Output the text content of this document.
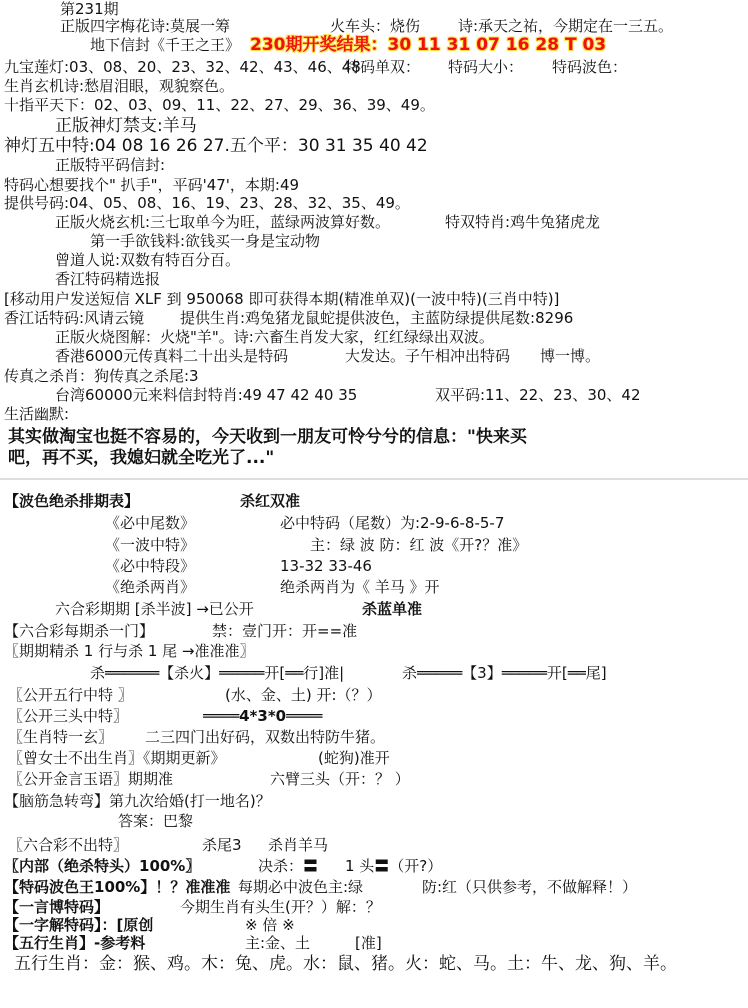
第231期
正版四字梅花诗:莫展一筹	火车头：烧伤	诗:承天之祐，今期定在一三五。
地下信封《千王之王》 230期开奖结果：30 11 31 07 16 28 T 03
九宝莲灯:03、08、20、23、32、42、43、46、48
特码单双： 特码大小： 特码波色：
生肖玄机诗:愁眉泪眼，观貌察色。
十指平天下：02、03、09、11、22、27、29、36、39、49。
正版神灯禁支:羊马
神灯五中特:04 08 16 26 27.五个平：30 31 35 40 42
正版特平码信封:
特码心想要找个" 扒手"，平码'47'，本期:49
提供号码:04、05、08、16、19、23、28、32、35、49。
正版火烧玄机:三七取单今为旺，蓝绿两波算好数。	特双特肖:鸡牛兔猪虎龙
第一手欲钱料:欲钱买一身是宝动物
曾道人说:双数有特百分百。
香江特码精选报
[移动用户发送短信 XLF 到 950068 即可获得本期(精准单双)(一波中特)(三肖中特)]
香江话特码:风请云镜 提供生肖:鸡兔猪龙鼠蛇提供波色，主蓝防绿提供尾数:8296
正版火烧图解：火烧"羊"。诗:六畜生肖发大家，红红绿绿出双波。
香港6000元传真料二十出头是特码	大发达。子午相冲出特码 博一博。
传真之杀肖：狗传真之杀尾:3
台湾60000元来料信封特肖:49 47 42 40 35	双平码:11、22、23、30、42
生活幽默:
其实做淘宝也挺不容易的，今天收到一朋友可怜兮兮的信息："快来买
吧，再不买，我媳妇就全吃光了..."
【波色绝杀排期表】	杀红双准
《必中尾数》	必中特码（尾数）为:2-9-6-8-5-7
《一波中特》	主：绿 波 防：红 波《开?？准》
《必中特段》	13-32 33-46
《绝杀两肖》	绝杀两肖为《 羊马 》开
六合彩期期 [杀半波] →已公开	杀蓝单准
【六合彩每期杀一门】	禁：壹门开：开==准
〖期期精杀 1 行与杀 1 尾 →准准准〗
杀══════【杀火】═════开[══行]准|	杀═════【3】═════开[══尾]
〖公开五行中特 〗	(水、金、土) 开:（？）
〖公开三头中特〗	════4*3*0════
〖生肖特一玄〗 二三四门出好码，双数出特防牛猪。
〖曾女士不出生肖〗《期期更新》	(蛇狗)准开
〖公开金言玉语〗期期准	六臂三头（开：？ ）
【脑筋急转弯】第九次给婚(打一地名)？
答案：巴黎
〖六合彩不出特〗	杀尾3 杀肖羊马
〖内部（绝杀特头）100%〗	决杀：〓 1 头〓（开?）
【特码波色王100%】！？准准准 每期必中波色主:绿	防:红（只供参考，不做解释！）
【一言博特码】	今期生肖有头生(开？）解：？
【一字解特码】：[原创	※ 倍 ※
【五行生肖】-参考料	主:金、土	[准]
五行生肖：金：猴、鸡。木：兔、虎。水：鼠、猪。火：蛇、马。土：牛、龙、狗、羊。
